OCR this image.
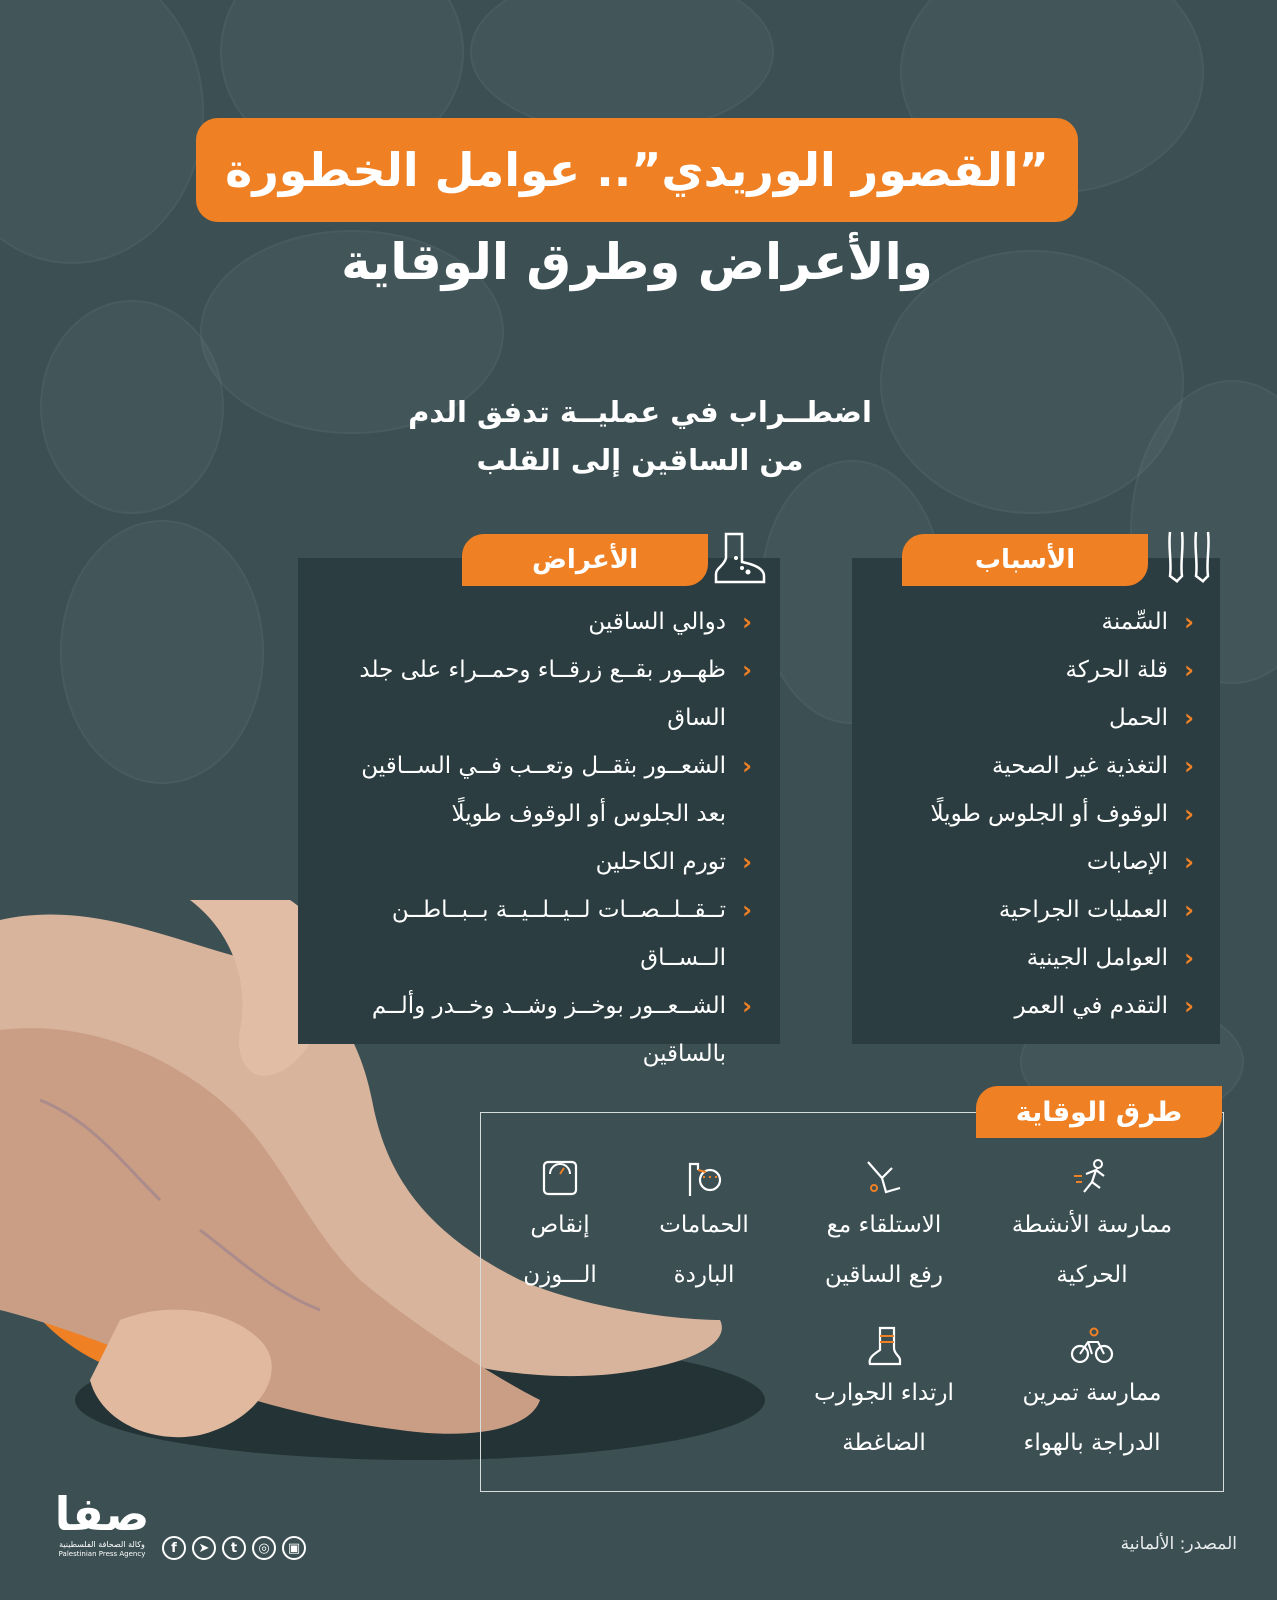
”القصور الوريدي”.. عوامل الخطورة
والأعراض وطرق الوقاية
اضطــراب في عمليــة تدفق الدم
من الساقين إلى القلب
‹
دوالي الساقين
‹
ظهــور بقــع زرقــاء وحمــراء على جلد الساق
‹
الشعــور بثقــل وتعــب فــي الســاقين بعد الجلوس أو الوقوف طويلًا
‹
تورم الكاحلين
‹
تــقــلــصــات لــيــلــيــة بــبــاطــن الــســاق
‹
الشــعــور بوخــز وشــد وخــدر وألــم بالساقين
الأعراض
‹
السِّمنة
‹
قلة الحركة
‹
الحمل
‹
التغذية غير الصحية
‹
الوقوف أو الجلوس طويلًا
‹
الإصابات
‹
العمليات الجراحية
‹
العوامل الجينية
‹
التقدم في العمر
الأسباب
طرق الوقاية
ممارسة الأنشطة
الحركية
الاستلقاء مع
رفع الساقين
الحمامات
الباردة
إنقاص
الـــوزن
ممارسة تمرين
الدراجة بالهواء
ارتداء الجوارب
الضاغطة
صفا
وكالة الصحافة الفلسطينية
Palestinian Press Agency	f	➤	t	◎	▣	المصدر: الألمانية
